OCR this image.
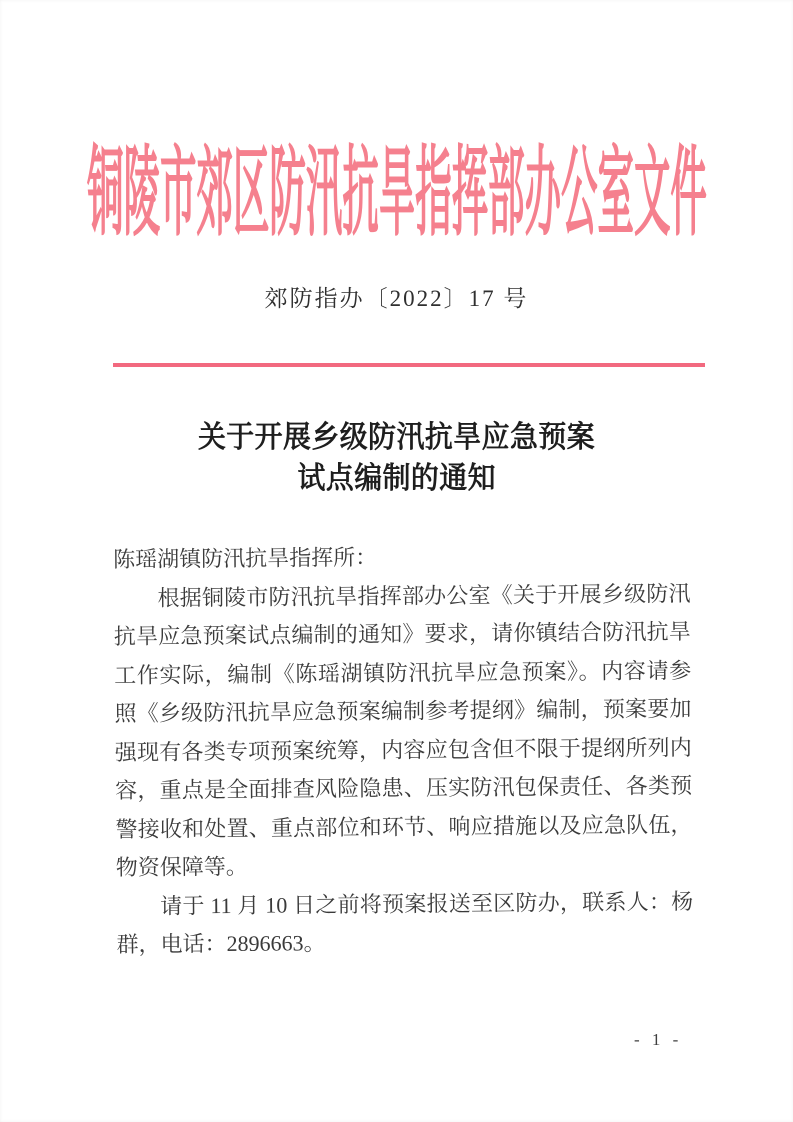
铜陵市郊区防汛抗旱指挥部办公室文件
郊防指办〔2022〕17 号
关于开展乡级防汛抗旱应急预案
试点编制的通知
陈瑶湖镇防汛抗旱指挥所：
根据铜陵市防汛抗旱指挥部办公室《关于开展乡级防汛
抗旱应急预案试点编制的通知》要求，请你镇结合防汛抗旱
工作实际，编制《陈瑶湖镇防汛抗旱应急预案》。内容请参
照《乡级防汛抗旱应急预案编制参考提纲》编制，预案要加
强现有各类专项预案统筹，内容应包含但不限于提纲所列内
容，重点是全面排查风险隐患、压实防汛包保责任、各类预
警接收和处置、重点部位和环节、响应措施以及应急队伍，
物资保障等。
请于 11 月 10 日之前将预案报送至区防办，联系人：杨
群，电话：2896663。
- 1 -
